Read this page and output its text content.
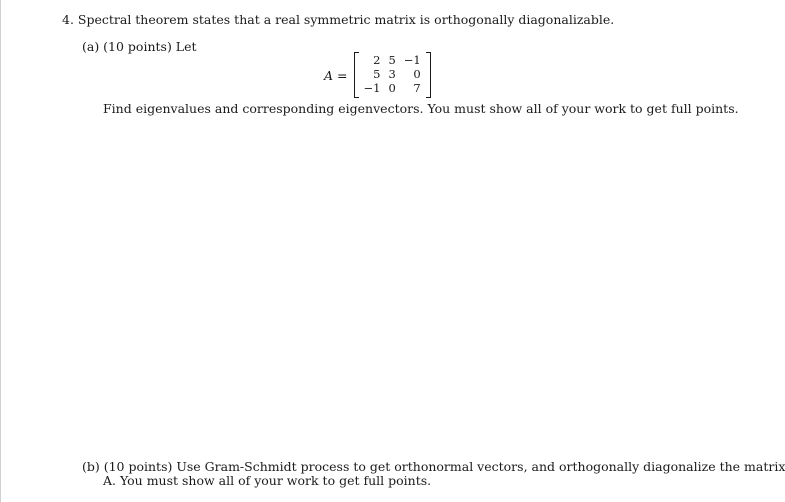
4. Spectral theorem states that a real symmetric matrix is orthogonally diagonalizable.
(a) (10 points) Let
A =
2	5	−1
5	3	0
−1	0	7
Find eigenvalues and corresponding eigenvectors. You must show all of your work to get full points.
(b) (10 points) Use Gram-Schmidt process to get orthonormal vectors, and orthogonally diagonalize the matrix
A. You must show all of your work to get full points.
